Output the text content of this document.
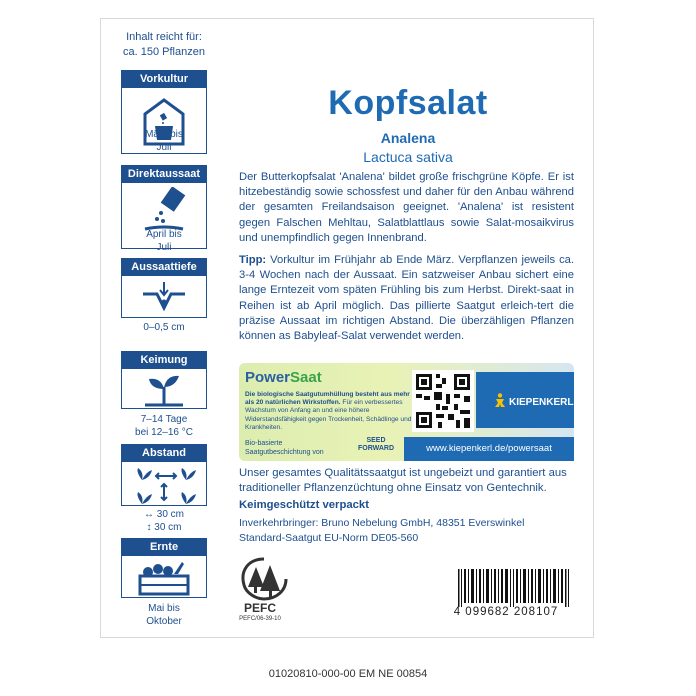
Inhalt reicht für:
ca. 150 Pflanzen
Vorkultur
März bis
Juli
Direktaussaat
April bis
Juli
Aussaattiefe
0–0,5 cm
Keimung
7–14 Tage
bei 12–16 °C
Abstand
↔ 30 cm
↕ 30 cm
Ernte
Mai bis
Oktober
Kopfsalat
Analena
Lactuca sativa
Der Butterkopfsalat 'Analena' bildet große frischgrüne Köpfe. Er ist hitzebeständig sowie schossfest und daher für den Anbau während der gesamten Freilandsaison geeignet. 'Analena' ist resistent gegen Falschen Mehltau, Salatblattlaus sowie Salat-mosaikvirus und unempfindlich gegen Innenbrand.
Tipp: Vorkultur im Frühjahr ab Ende März. Verpflanzen jeweils ca. 3-4 Wochen nach der Aussaat. Ein satzweiser Anbau sichert eine lange Erntezeit vom späten Frühling bis zum Herbst. Direkt-saat in Reihen ist ab April möglich. Das pillierte Saatgut erleich-tert die präzise Aussaat im richtigen Abstand. Die überzähligen Pflanzen können as Babyleaf-Salat verwendet werden.
PowerSaat
Die biologische Saatgutumhüllung besteht aus mehr als 20 natürlichen Wirkstoffen. Für ein verbessertes Wachstum von Anfang an und eine höhere Widerstandsfähigkeit gegen Trockenheit, Schädlinge und Krankheiten.
Bio-basierte Saatgutbeschichtung von
SEED
FORWARD
KIEPENKERL
www.kiepenkerl.de/powersaat
Unser gesamtes Qualitätssaatgut ist ungebeizt und garantiert aus traditioneller Pflanzenzüchtung ohne Einsatz von Gentechnik.
Keimgeschützt verpackt
Inverkehrbringer: Bruno Nebelung GmbH, 48351 Everswinkel
Standard-Saatgut EU-Norm DE05-560
PEFC
PEFC/06-39-10
4 099682 208107
01020810-000-00 EM NE 00854
